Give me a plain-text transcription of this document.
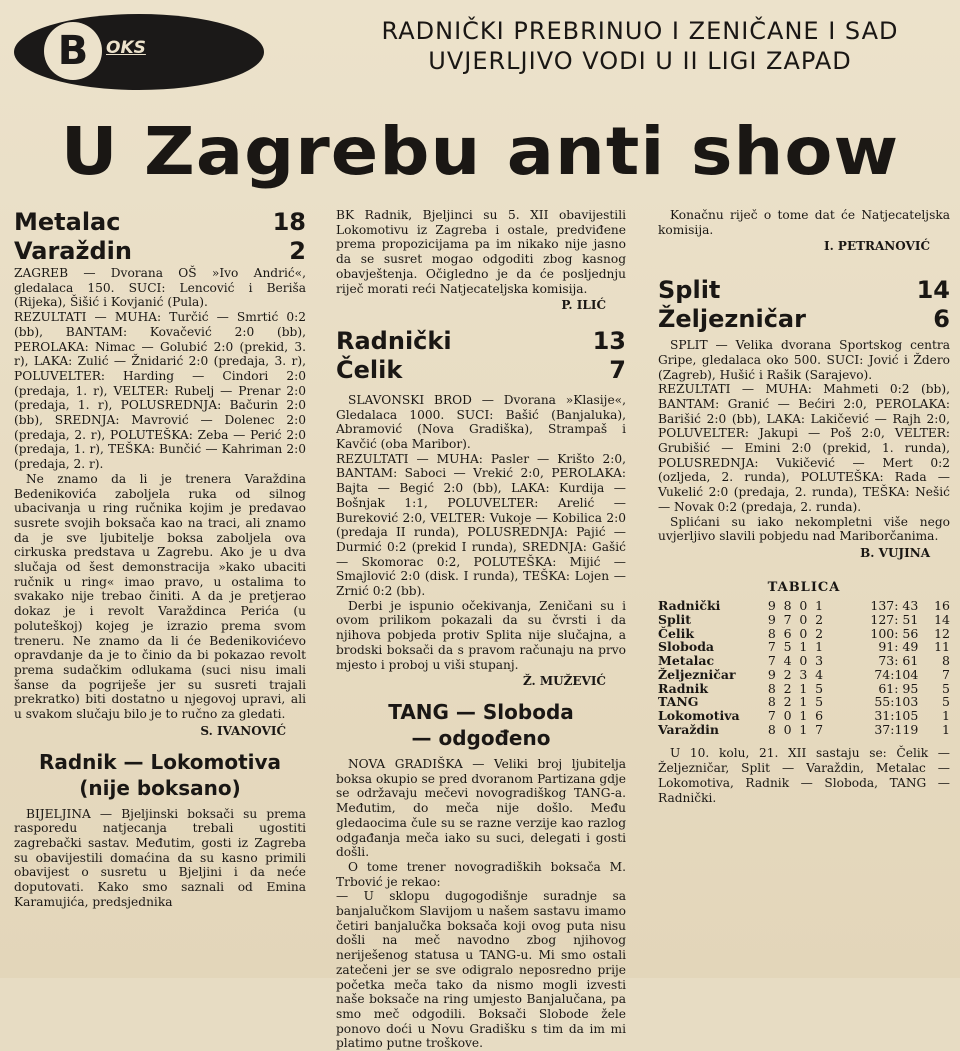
B	OKS
RADNIČKI PREBRINUO I ZENIČANE I SAD
UVJERLJIVO VODI U II LIGI ZAPAD
U Zagrebu anti show
Metalac	18
Varaždin	2

ZAGREB — Dvorana OŠ »Ivo Andrić«, gledalaca 150. SUCI: Lencović i Beriša (Rijeka), Šišić i Kovjanić (Pula).

REZULTATI — MUHA: Turčić — Smrtić 0:2 (bb), BANTAM: Kovačević 2:0 (bb), PEROLAKA: Nimac — Golubić 2:0 (prekid, 3. r), LAKA: Zulić — Žnidarić 2:0 (predaja, 3. r), POLUVELTER: Harding — Cindori 2:0 (predaja, 1. r), VELTER: Rubelj — Prenar 2:0 (predaja, 1. r), POLUSREDNJA: Bačurin 2:0 (bb), SREDNJA: Mavrović — Dolenec 2:0 (predaja, 2. r), POLUTEŠKA: Zeba — Perić 2:0 (predaja, 1. r), TEŠKA: Bunčić — Kahriman 2:0 (predaja, 2. r).

Ne znamo da li je trenera Varaždina Bedenikovića zaboljela ruka od silnog ubacivanja u ring ručnika kojim je predavao susrete svojih boksača kao na traci, ali znamo da je sve ljubitelje boksa zaboljela ova cirkuska predstava u Zagrebu. Ako je u dva slučaja od šest demonstracija »kako ubaciti ručnik u ring« imao pravo, u ostalima to svakako nije trebao činiti. A da je pretjerao dokaz je i revolt Varaždinca Perića (u poluteškoj) kojeg je izrazio prema svom treneru. Ne znamo da li će Bedenikovićevo opravdanje da je to činio da bi pokazao revolt prema sudačkim odlukama (suci nisu imali šanse da pogriješe jer su susreti trajali prekratko) biti dostatno u njegovoj upravi, ali u svakom slučaju bilo je to ručno za gledati.

S. IVANOVIĆ
Radnik — Lokomotiva
(nije boksano)

BIJELJINA — Bjeljinski boksači su prema rasporedu natjecanja trebali ugostiti zagrebački sastav. Međutim, gosti iz Zagreba su obavijestili domaćina da su kasno primili obavijest o susretu u Bjeljini i da neće doputovati. Kako smo saznali od Emina Karamujića, predsjednika

BK Radnik, Bjeljinci su 5. XII obavijestili Lokomotivu iz Zagreba i ostale, predviđene prema propozicijama pa im nikako nije jasno da se susret mogao odgoditi zbog kasnog obavještenja. Očigledno je da će posljednju riječ morati reći Natjecateljska komisija.

P. ILIĆ
Radnički	13
Čelik	7

SLAVONSKI BROD — Dvorana »Klasije«, Gledalaca 1000. SUCI: Bašić (Banjaluka), Abramović (Nova Gradiška), Strampaš i Kavčić (oba Maribor).

REZULTATI — MUHA: Pasler — Krišto 2:0, BANTAM: Saboci — Vrekić 2:0, PEROLAKA: Bajta — Begić 2:0 (bb), LAKA: Kurdija — Bošnjak 1:1, POLUVELTER: Arelić — Bureković 2:0, VELTER: Vukoje — Kobilica 2:0 (predaja II runda), POLUSREDNJA: Pajić — Durmić 0:2 (prekid I runda), SREDNJA: Gašić — Skomorac 0:2, POLUTEŠKA: Mijić — Smajlović 2:0 (disk. I runda), TEŠKA: Lojen — Zrnić 0:2 (bb).

Derbi je ispunio očekivanja, Zeničani su i ovom prilikom pokazali da su čvrsti i da njihova pobjeda protiv Splita nije slučajna, a brodski boksači da s pravom računaju na prvo mjesto i proboj u viši stupanj.

Ž. MUŽEVIĆ
TANG — Sloboda
— odgođeno

NOVA GRADIŠKA — Veliki broj ljubitelja boksa okupio se pred dvoranom Partizana gdje se održavaju mečevi novogradiškog TANG-a. Međutim, do meča nije došlo. Među gledaocima čule su se razne verzije kao razlog odgađanja meča iako su suci, delegati i gosti došli.

O tome trener novogradiških boksača M. Trbović je rekao:

— U sklopu dugogodišnje suradnje sa banjalučkom Slavijom u našem sastavu imamo četiri banjalučka boksača koji ovog puta nisu došli na meč navodno zbog njihovog neriješenog statusa u TANG-u. Mi smo ostali zatečeni jer se sve odigralo neposredno prije početka meča tako da nismo mogli izvesti naše boksače na ring umjesto Banjalučana, pa smo meč odgodili. Boksači Slobode žele ponovo doći u Novu Gradišku s tim da im mi platimo putne troškove.

Konačnu riječ o tome dat će Natjecateljska komisija.

I. PETRANOVIĆ
Split	14
Željezničar	6

SPLIT — Velika dvorana Sportskog centra Gripe, gledalaca oko 500. SUCI: Jović i Ždero (Zagreb), Hušić i Rašik (Sarajevo).

REZULTATI — MUHA: Mahmeti 0:2 (bb), BANTAM: Granić — Bećiri 2:0, PEROLAKA: Barišić 2:0 (bb), LAKA: Lakičević — Rajh 2:0, POLUVELTER: Jakupi — Poš 2:0, VELTER: Grubišić — Emini 2:0 (prekid, 1. runda), POLUSREDNJA: Vukičević — Mert 0:2 (ozljeda, 2. runda), POLUTEŠKA: Rada — Vukelić 2:0 (predaja, 2. runda), TEŠKA: Nešić — Novak 0:2 (predaja, 2. runda).

Splićani su iako nekompletni više nego uvjerljivo slavili pobjedu nad Mariborčanima.

B. VUJINA
TABLICA
Radnički	9	8	0	1	137: 43	16
Split	9	7	0	2	127: 51	14
Čelik	8	6	0	2	100: 56	12
Sloboda	7	5	1	1	91: 49	11
Metalac	7	4	0	3	73: 61	8
Željezničar	9	2	3	4	74:104	7
Radnik	8	2	1	5	61: 95	5
TANG	8	2	1	5	55:103	5
Lokomotiva	7	0	1	6	31:105	1
Varaždin	8	0	1	7	37:119	1

U 10. kolu, 21. XII sastaju se: Čelik — Željezničar, Split — Varaždin, Metalac — Lokomotiva, Radnik — Sloboda, TANG — Radnički.
